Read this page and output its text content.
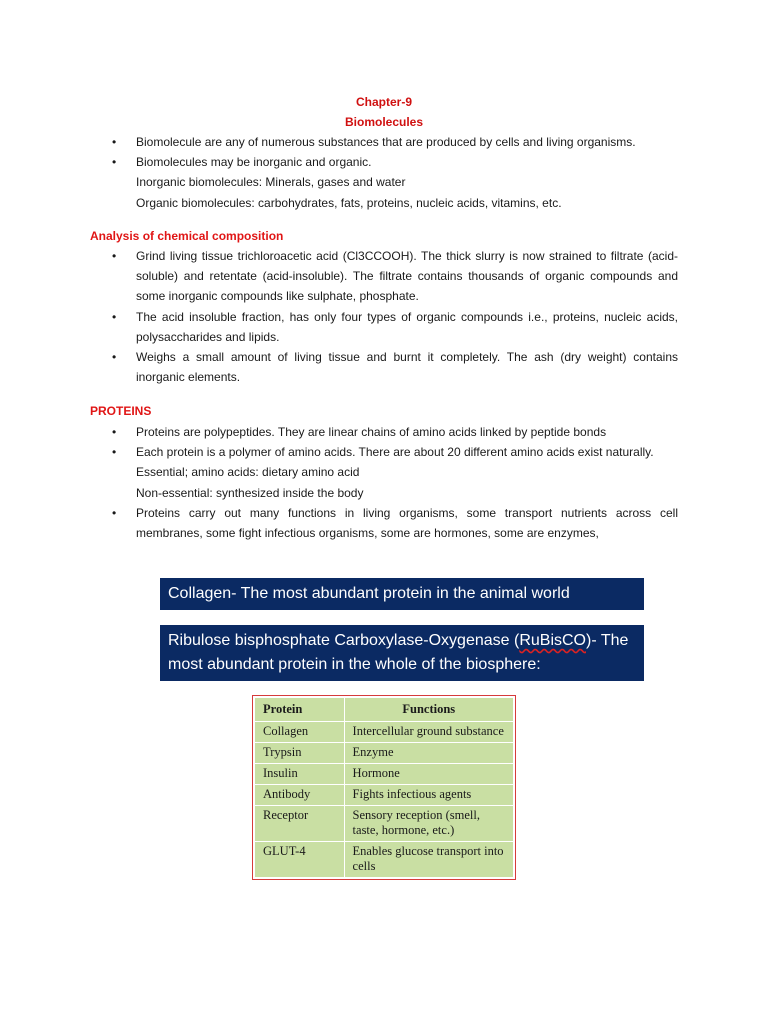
Chapter-9
Biomolecules
• Biomolecule are any of numerous substances that are produced by cells and living organisms.
• Biomolecules may be inorganic and organic.
Inorganic biomolecules: Minerals, gases and water
Organic biomolecules: carbohydrates, fats, proteins, nucleic acids, vitamins, etc.
Analysis of chemical composition
• Grind living tissue trichloroacetic acid (Cl3CCOOH). The thick slurry is now strained to filtrate (acid-soluble) and retentate (acid-insoluble). The filtrate contains thousands of organic compounds and some inorganic compounds like sulphate, phosphate.
• The acid insoluble fraction, has only four types of organic compounds i.e., proteins, nucleic acids, polysaccharides and lipids.
• Weighs a small amount of living tissue and burnt it completely. The ash (dry weight) contains inorganic elements.
PROTEINS
• Proteins are polypeptides. They are linear chains of amino acids linked by peptide bonds
• Each protein is a polymer of amino acids. There are about 20 different amino acids exist naturally.
Essential; amino acids: dietary amino acid
Non-essential: synthesized inside the body
• Proteins carry out many functions in living organisms, some transport nutrients across cell membranes, some fight infectious organisms, some are hormones, some are enzymes,
Collagen- The most abundant protein in the animal world
Ribulose bisphosphate Carboxylase-Oxygenase (RuBisCO)- The most abundant protein in the whole of the biosphere:
Protein	Functions
Collagen	Intercellular ground substance
Trypsin	Enzyme
Insulin	Hormone
Antibody	Fights infectious agents
Receptor	Sensory reception (smell, taste, hormone, etc.)
GLUT-4	Enables glucose transport into cells
